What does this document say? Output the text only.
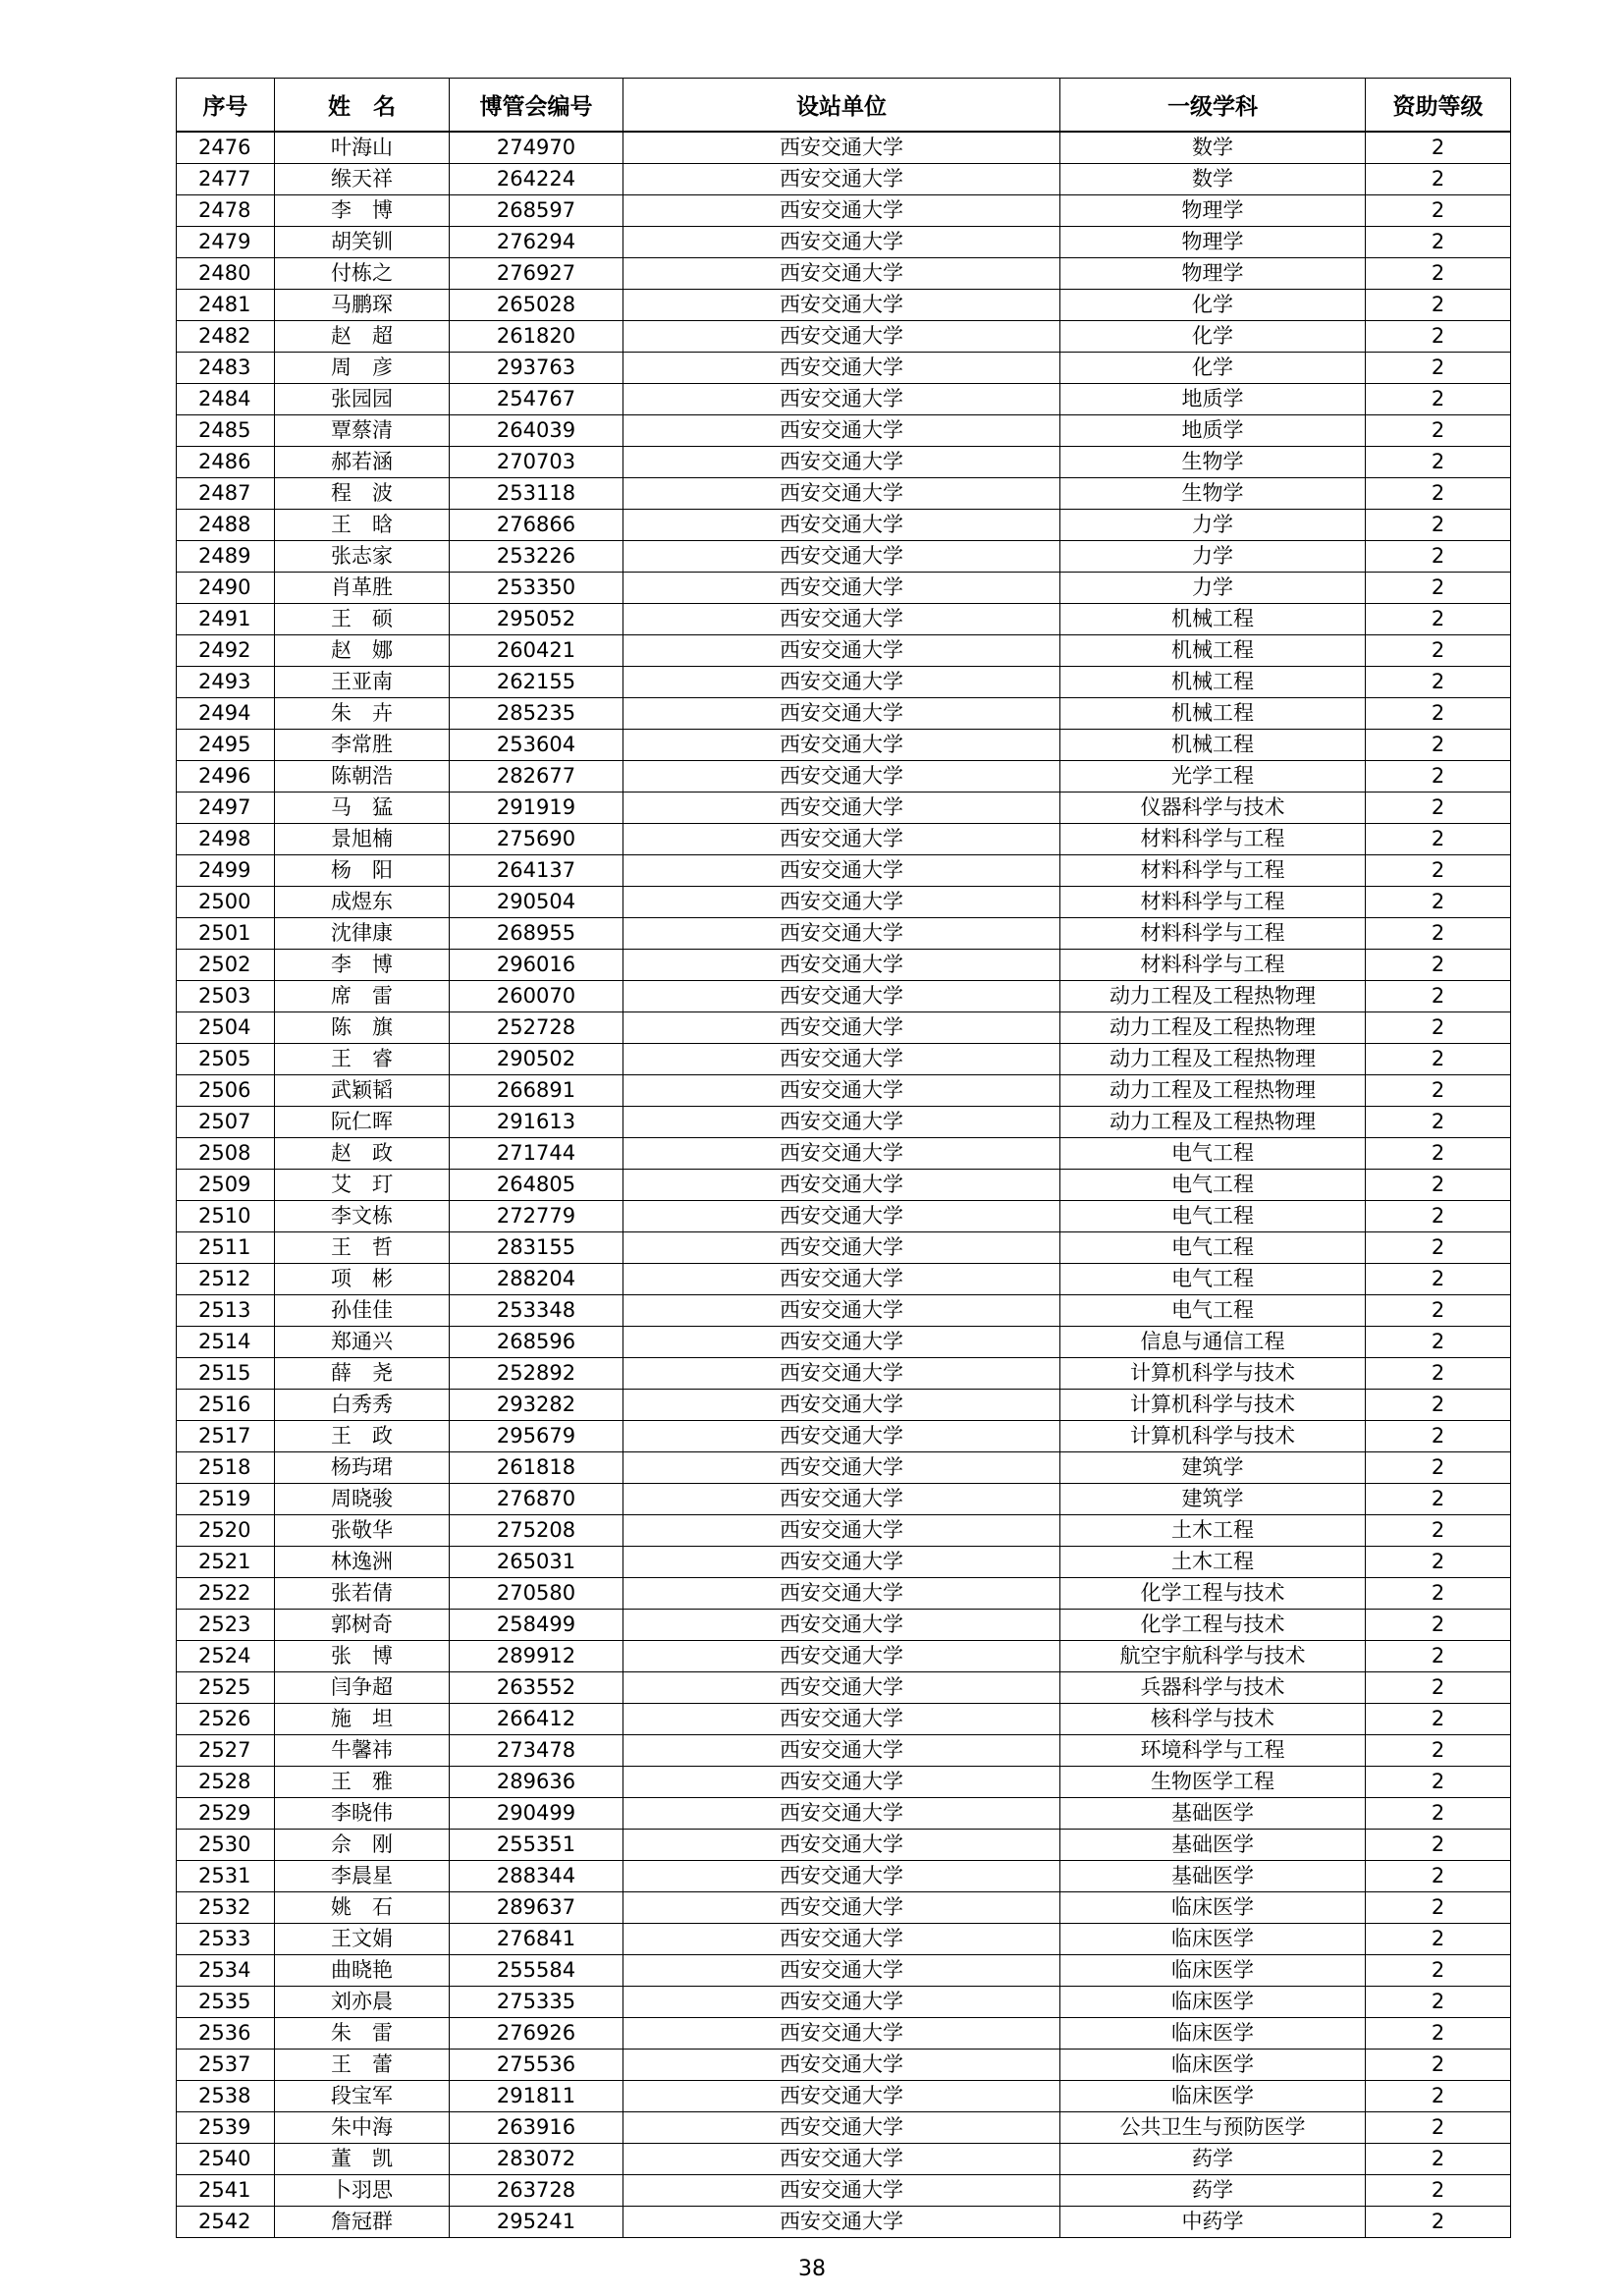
序号	姓　名	博管会编号	设站单位	一级学科	资助等级
2476	叶海山	274970	西安交通大学	数学	2
2477	缑天祥	264224	西安交通大学	数学	2
2478	李　博	268597	西安交通大学	物理学	2
2479	胡笑钏	276294	西安交通大学	物理学	2
2480	付栋之	276927	西安交通大学	物理学	2
2481	马鹏琛	265028	西安交通大学	化学	2
2482	赵　超	261820	西安交通大学	化学	2
2483	周　彦	293763	西安交通大学	化学	2
2484	张园园	254767	西安交通大学	地质学	2
2485	覃蔡清	264039	西安交通大学	地质学	2
2486	郝若涵	270703	西安交通大学	生物学	2
2487	程　波	253118	西安交通大学	生物学	2
2488	王　晗	276866	西安交通大学	力学	2
2489	张志家	253226	西安交通大学	力学	2
2490	肖革胜	253350	西安交通大学	力学	2
2491	王　硕	295052	西安交通大学	机械工程	2
2492	赵　娜	260421	西安交通大学	机械工程	2
2493	王亚南	262155	西安交通大学	机械工程	2
2494	朱　卉	285235	西安交通大学	机械工程	2
2495	李常胜	253604	西安交通大学	机械工程	2
2496	陈朝浩	282677	西安交通大学	光学工程	2
2497	马　猛	291919	西安交通大学	仪器科学与技术	2
2498	景旭楠	275690	西安交通大学	材料科学与工程	2
2499	杨　阳	264137	西安交通大学	材料科学与工程	2
2500	成煜东	290504	西安交通大学	材料科学与工程	2
2501	沈律康	268955	西安交通大学	材料科学与工程	2
2502	李　博	296016	西安交通大学	材料科学与工程	2
2503	席　雷	260070	西安交通大学	动力工程及工程热物理	2
2504	陈　旗	252728	西安交通大学	动力工程及工程热物理	2
2505	王　睿	290502	西安交通大学	动力工程及工程热物理	2
2506	武颖韬	266891	西安交通大学	动力工程及工程热物理	2
2507	阮仁晖	291613	西安交通大学	动力工程及工程热物理	2
2508	赵　政	271744	西安交通大学	电气工程	2
2509	艾　玎	264805	西安交通大学	电气工程	2
2510	李文栋	272779	西安交通大学	电气工程	2
2511	王　哲	283155	西安交通大学	电气工程	2
2512	项　彬	288204	西安交通大学	电气工程	2
2513	孙佳佳	253348	西安交通大学	电气工程	2
2514	郑通兴	268596	西安交通大学	信息与通信工程	2
2515	薛　尧	252892	西安交通大学	计算机科学与技术	2
2516	白秀秀	293282	西安交通大学	计算机科学与技术	2
2517	王　政	295679	西安交通大学	计算机科学与技术	2
2518	杨玙珺	261818	西安交通大学	建筑学	2
2519	周晓骏	276870	西安交通大学	建筑学	2
2520	张敬华	275208	西安交通大学	土木工程	2
2521	林逸洲	265031	西安交通大学	土木工程	2
2522	张若倩	270580	西安交通大学	化学工程与技术	2
2523	郭树奇	258499	西安交通大学	化学工程与技术	2
2524	张　博	289912	西安交通大学	航空宇航科学与技术	2
2525	闫争超	263552	西安交通大学	兵器科学与技术	2
2526	施　坦	266412	西安交通大学	核科学与技术	2
2527	牛馨祎	273478	西安交通大学	环境科学与工程	2
2528	王　雅	289636	西安交通大学	生物医学工程	2
2529	李晓伟	290499	西安交通大学	基础医学	2
2530	佘　刚	255351	西安交通大学	基础医学	2
2531	李晨星	288344	西安交通大学	基础医学	2
2532	姚　石	289637	西安交通大学	临床医学	2
2533	王文娟	276841	西安交通大学	临床医学	2
2534	曲晓艳	255584	西安交通大学	临床医学	2
2535	刘亦晨	275335	西安交通大学	临床医学	2
2536	朱　雷	276926	西安交通大学	临床医学	2
2537	王　蕾	275536	西安交通大学	临床医学	2
2538	段宝军	291811	西安交通大学	临床医学	2
2539	朱中海	263916	西安交通大学	公共卫生与预防医学	2
2540	董　凯	283072	西安交通大学	药学	2
2541	卜羽思	263728	西安交通大学	药学	2
2542	詹冠群	295241	西安交通大学	中药学	2
38
